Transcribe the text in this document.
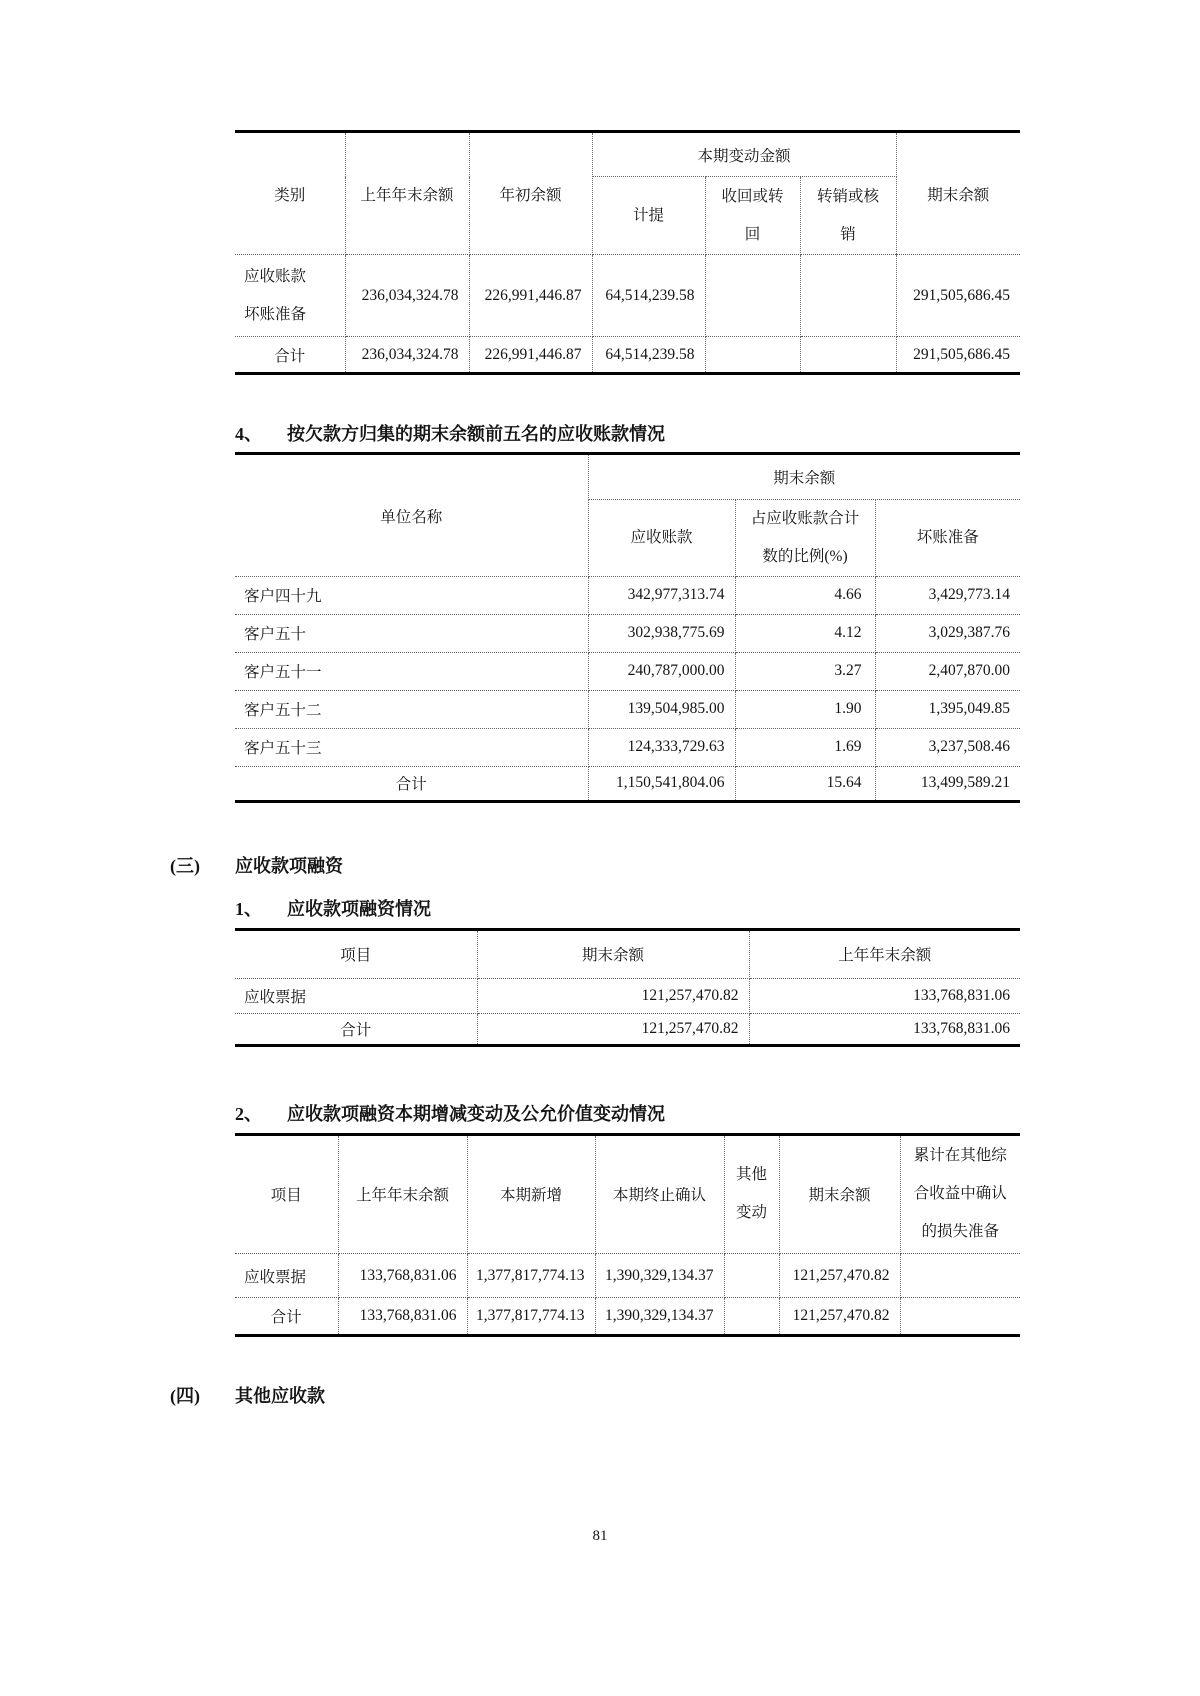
类别	上年年末余额	年初余额	本期变动金额			期末余额
			计提	收回或转回	转销或核销	
应收账款坏账准备	236,034,324.78	226,991,446.87	64,514,239.58			291,505,686.45
合计	236,034,324.78	226,991,446.87	64,514,239.58			291,505,686.45
4、	按欠款方归集的期末余额前五名的应收账款情况
单位名称	期末余额		
	应收账款	占应收账款合计数的比例(%)	坏账准备
客户四十九	342,977,313.74	4.66	3,429,773.14
客户五十	302,938,775.69	4.12	3,029,387.76
客户五十一	240,787,000.00	3.27	2,407,870.00
客户五十二	139,504,985.00	1.90	1,395,049.85
客户五十三	124,333,729.63	1.69	3,237,508.46
合计	1,150,541,804.06	15.64	13,499,589.21
(三)	应收款项融资
1、	应收款项融资情况
项目	期末余额	上年年末余额
应收票据	121,257,470.82	133,768,831.06
合计	121,257,470.82	133,768,831.06
2、	应收款项融资本期增减变动及公允价值变动情况
项目	上年年末余额	本期新增	本期终止确认	其他变动	期末余额	累计在其他综合收益中确认的损失准备
应收票据	133,768,831.06	1,377,817,774.13	1,390,329,134.37		121,257,470.82	
合计	133,768,831.06	1,377,817,774.13	1,390,329,134.37		121,257,470.82	
(四)	其他应收款
81
